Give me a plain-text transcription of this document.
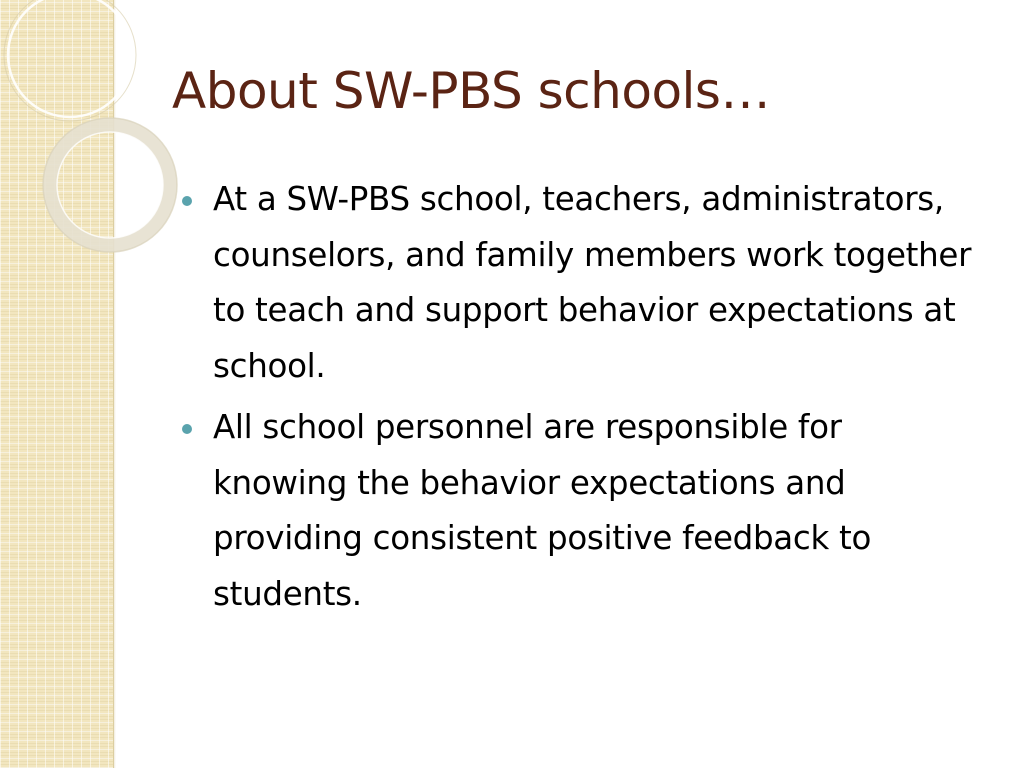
About SW-PBS schools…
At a SW-PBS school, teachers, administrators, counselors, and family members work together to teach and support behavior expectations at school.
All school personnel are responsible for knowing the behavior expectations and providing consistent positive feedback to students.
